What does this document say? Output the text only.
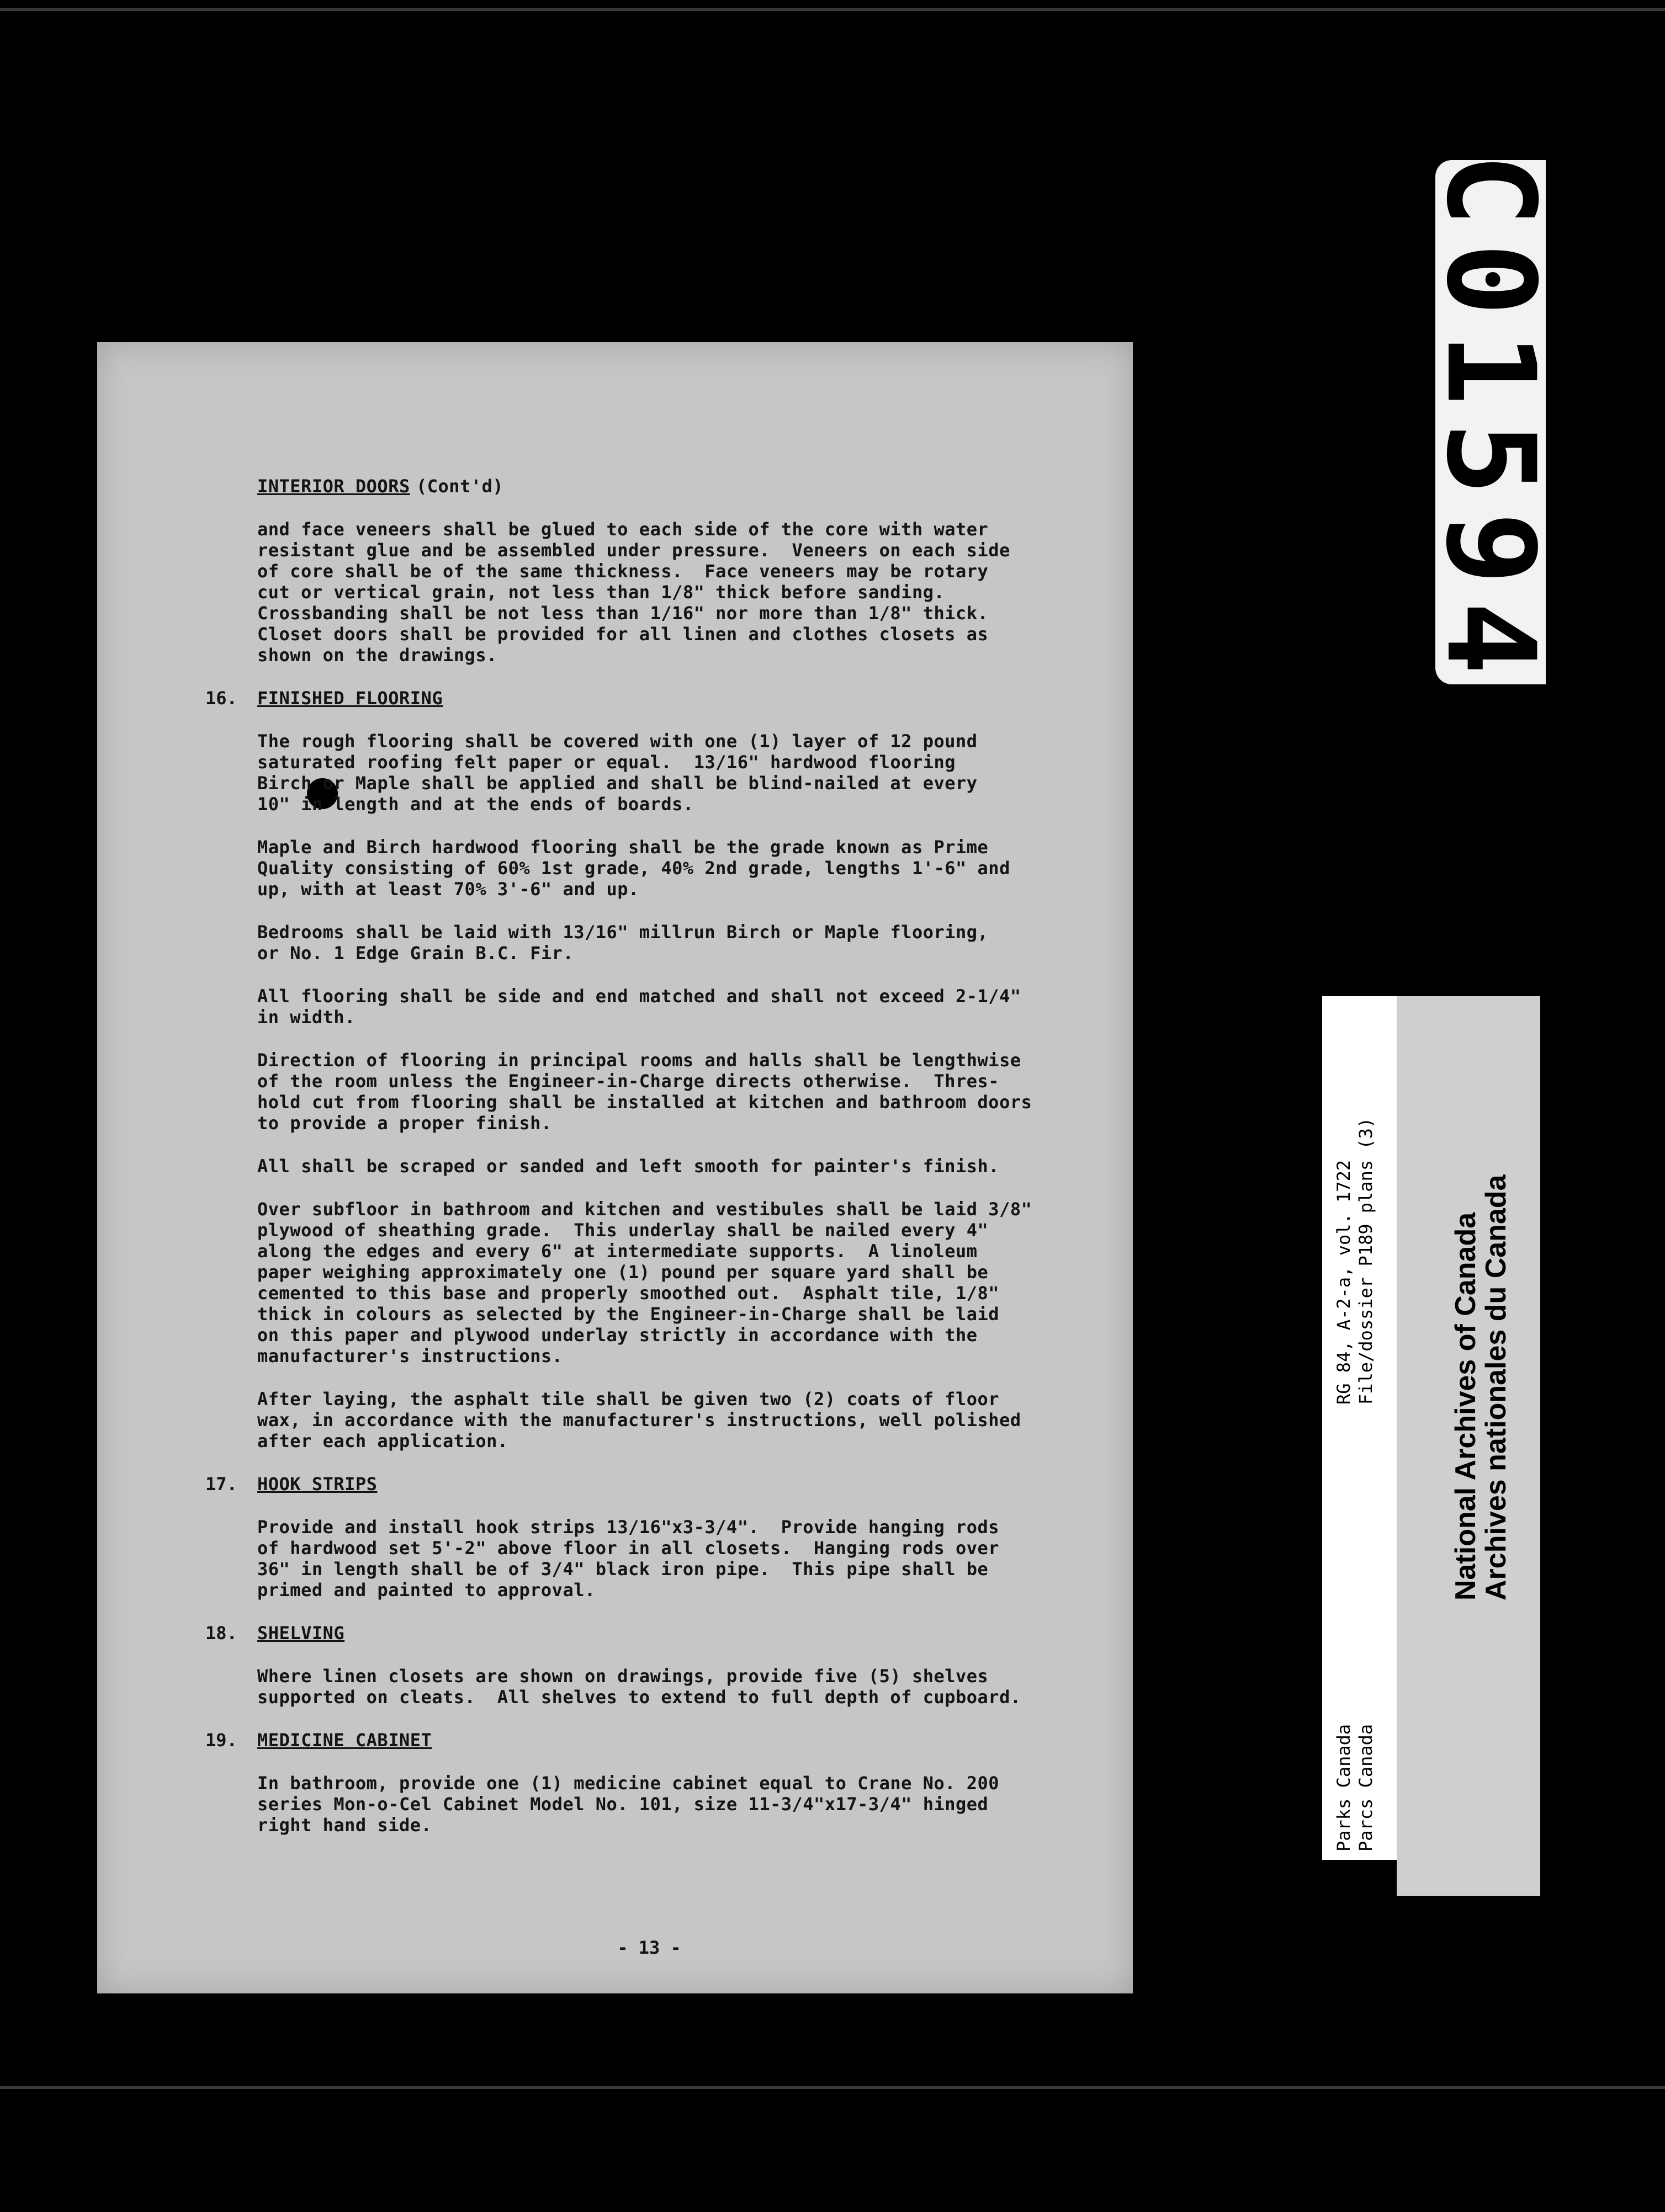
INTERIOR DOORS (Cont'd)
and face veneers shall be glued to each side of the core with water
resistant glue and be assembled under pressure.  Veneers on each side
of core shall be of the same thickness.  Face veneers may be rotary
cut or vertical grain, not less than 1/8" thick before sanding.
Crossbanding shall be not less than 1/16" nor more than 1/8" thick.
Closet doors shall be provided for all linen and clothes closets as
shown on the drawings.
16. FINISHED FLOORING
The rough flooring shall be covered with one (1) layer of 12 pound
saturated roofing felt paper or equal.  13/16" hardwood flooring
Birch or Maple shall be applied and shall be blind-nailed at every
10" in length and at the ends of boards.
Maple and Birch hardwood flooring shall be the grade known as Prime
Quality consisting of 60% 1st grade, 40% 2nd grade, lengths 1'-6" and
up, with at least 70% 3'-6" and up.
Bedrooms shall be laid with 13/16" millrun Birch or Maple flooring,
or No. 1 Edge Grain B.C. Fir.
All flooring shall be side and end matched and shall not exceed 2-1/4"
in width.
Direction of flooring in principal rooms and halls shall be lengthwise
of the room unless the Engineer-in-Charge directs otherwise.  Thres-
hold cut from flooring shall be installed at kitchen and bathroom doors
to provide a proper finish.
All shall be scraped or sanded and left smooth for painter's finish.
Over subfloor in bathroom and kitchen and vestibules shall be laid 3/8"
plywood of sheathing grade.  This underlay shall be nailed every 4"
along the edges and every 6" at intermediate supports.  A linoleum
paper weighing approximately one (1) pound per square yard shall be
cemented to this base and properly smoothed out.  Asphalt tile, 1/8"
thick in colours as selected by the Engineer-in-Charge shall be laid
on this paper and plywood underlay strictly in accordance with the
manufacturer's instructions.
After laying, the asphalt tile shall be given two (2) coats of floor
wax, in accordance with the manufacturer's instructions, well polished
after each application.
17. HOOK STRIPS
Provide and install hook strips 13/16"x3-3/4".  Provide hanging rods
of hardwood set 5'-2" above floor in all closets.  Hanging rods over
36" in length shall be of 3/4" black iron pipe.  This pipe shall be
primed and painted to approval.
18. SHELVING
Where linen closets are shown on drawings, provide five (5) shelves
supported on cleats.  All shelves to extend to full depth of cupboard.
19. MEDICINE CABINET
In bathroom, provide one (1) medicine cabinet equal to Crane No. 200
series Mon-o-Cel Cabinet Model No. 101, size 11-3/4"x17-3/4" hinged
right hand side.
- 13 -
C01594
RG 84, A-2-a, vol. 1722 File/dossier P189 plans (3)
Parks Canada Parcs Canada
National Archives of Canada
Archives nationales du Canada
